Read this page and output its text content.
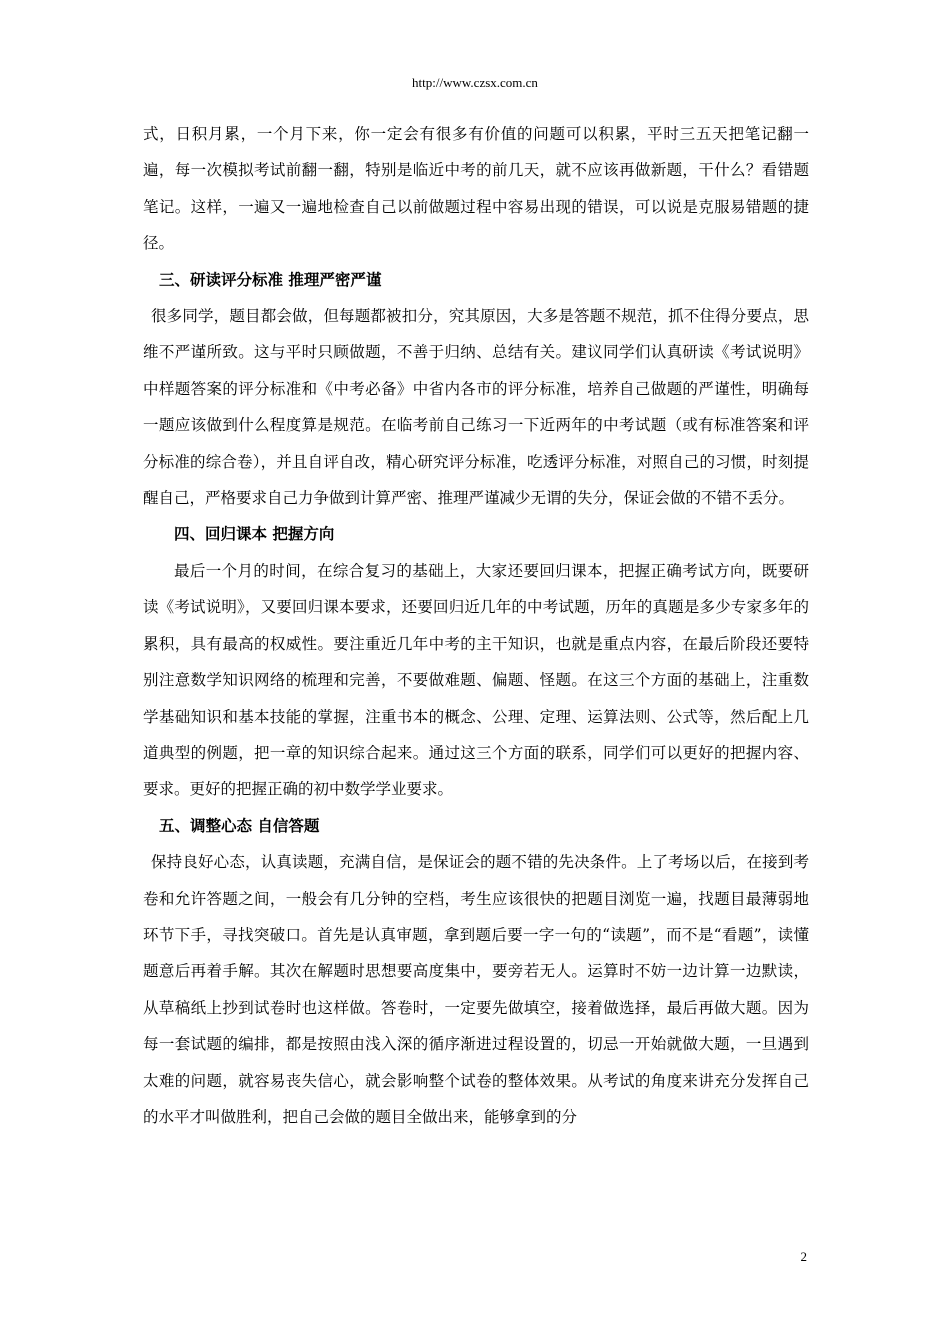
http://www.czsx.com.cn

式，日积月累，一个月下来，你一定会有很多有价值的问题可以积累，平时三五天把笔记翻一遍，每一次模拟考试前翻一翻，特别是临近中考的前几天，就不应该再做新题，干什么？看错题笔记。这样，一遍又一遍地检查自己以前做题过程中容易出现的错误，可以说是克服易错题的捷径。

三、研读评分标准 推理严密严谨

很多同学，题目都会做，但每题都被扣分，究其原因，大多是答题不规范，抓不住得分要点，思维不严谨所致。这与平时只顾做题，不善于归纳、总结有关。建议同学们认真研读《考试说明》中样题答案的评分标准和《中考必备》中省内各市的评分标准，培养自己做题的严谨性，明确每一题应该做到什么程度算是规范。在临考前自己练习一下近两年的中考试题（或有标准答案和评分标准的综合卷），并且自评自改，精心研究评分标准，吃透评分标准，对照自己的习惯，时刻提醒自己，严格要求自己力争做到计算严密、推理严谨减少无谓的失分，保证会做的不错不丢分。

四、回归课本 把握方向

最后一个月的时间，在综合复习的基础上，大家还要回归课本，把握正确考试方向，既要研读《考试说明》，又要回归课本要求，还要回归近几年的中考试题，历年的真题是多少专家多年的累积，具有最高的权威性。要注重近几年中考的主干知识，也就是重点内容，在最后阶段还要特别注意数学知识网络的梳理和完善，不要做难题、偏题、怪题。在这三个方面的基础上，注重数学基础知识和基本技能的掌握，注重书本的概念、公理、定理、运算法则、公式等，然后配上几道典型的例题，把一章的知识综合起来。通过这三个方面的联系，同学们可以更好的把握内容、要求。更好的把握正确的初中数学学业要求。

五、调整心态 自信答题

保持良好心态，认真读题，充满自信，是保证会的题不错的先决条件。上了考场以后，在接到考卷和允许答题之间，一般会有几分钟的空档，考生应该很快的把题目浏览一遍，找题目最薄弱地环节下手，寻找突破口。首先是认真审题，拿到题后要一字一句的“读题”，而不是“看题”，读懂题意后再着手解。其次在解题时思想要高度集中，要旁若无人。运算时不妨一边计算一边默读，从草稿纸上抄到试卷时也这样做。答卷时，一定要先做填空，接着做选择，最后再做大题。因为每一套试题的编排，都是按照由浅入深的循序渐进过程设置的，切忌一开始就做大题，一旦遇到太难的问题，就容易丧失信心，就会影响整个试卷的整体效果。从考试的角度来讲充分发挥自己的水平才叫做胜利，把自己会做的题目全做出来，能够拿到的分

2
